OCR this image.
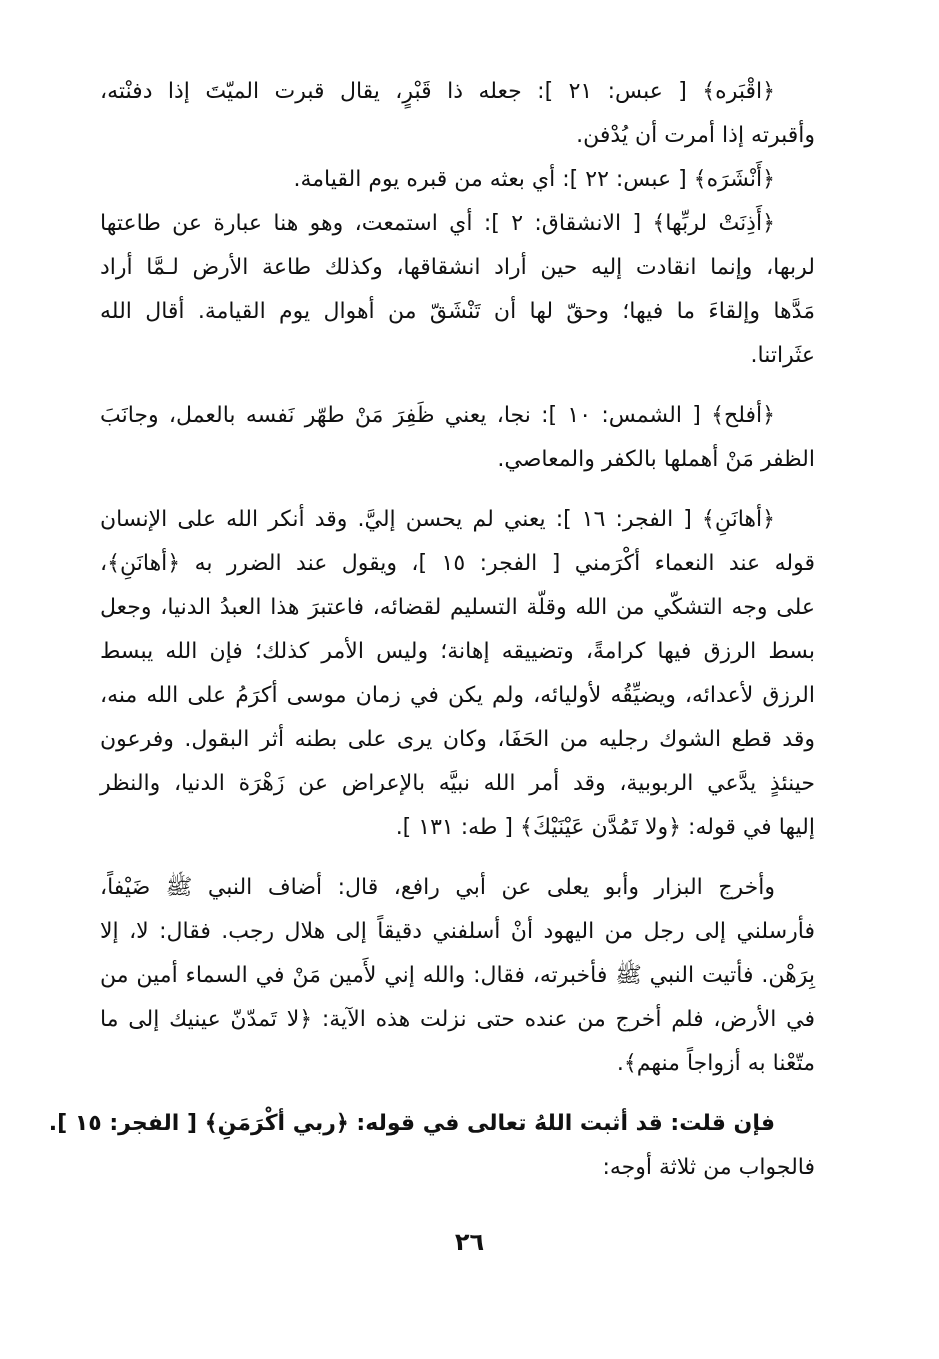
﴿اقْبَره﴾ [ عبس: ٢١ ]: جعله ذا قَبْرٍ، يقال قبرت الميّتَ إذا دفنْته،
وأقبرته إذا أمرت أن يُدْفن.
﴿أَنْشَرَه﴾ [ عبس: ٢٢ ]: أي بعثه من قبره يوم القيامة.
﴿أَذِنَتْ لربِّها﴾ [ الانشقاق: ٢ ]: أي استمعت، وهو هنا عبارة عن طاعتها
لربها، وإنما انقادت إليه حين أراد انشقاقها، وكذلك طاعة الأرض لـمَّا أراد
مَدَّها وإلقاءَ ما فيها؛ وحقّ لها أن تَنْشَقّ من أهوال يوم القيامة. أقال الله
عثَراتنا.
﴿أفلح﴾ [ الشمس: ١٠ ]: نجا، يعني ظَفِرَ مَنْ طهّر نَفسه بالعمل، وجانَبَ
الظفر مَنْ أهملها بالكفر والمعاصي.
﴿أهانَنِ﴾ [ الفجر: ١٦ ]: يعني لم يحسن إليَّ. وقد أنكر الله على الإنسان
قوله عند النعماء أكْرَمني [ الفجر: ١٥ ]، ويقول عند الضرر به ﴿أهانَنِ﴾،
على وجه التشكّي من الله وقلّة التسليم لقضائه، فاعتبرَ هذا العبدُ الدنيا، وجعل
بسط الرزق فيها كرامةً، وتضييقه إهانة؛ وليس الأمر كذلك؛ فإن الله يبسط
الرزق لأعدائه، ويضيِّقُه لأوليائه، ولم يكن في زمان موسى أكرَمُ على الله منه،
وقد قطع الشوك رجليه من الحَفَا، وكان يرى على بطنه أثر البقول. وفرعون
حينئذٍ يدَّعي الربوبية، وقد أمر الله نبيَّه بالإعراض عن زَهْرَة الدنيا، والنظر
إليها في قوله: ﴿ولا تَمُدَّن عَيْنَيْكَ﴾ [ طه: ١٣١ ].
وأخرج البزار وأبو يعلى عن أبي رافع، قال: أضاف النبي ﷺ ضَيْفاً،
فأرسلني إلى رجل من اليهود أنْ أسلفني دقيقاً إلى هلال رجب. فقال: لا، إلا
بِرَهْن. فأتيت النبي ﷺ فأخبرته، فقال: والله إني لأَمين مَنْ في السماء أمين من
في الأرض، فلم أخرج من عنده حتى نزلت هذه الآية: ﴿لا تَمدّنّ عينيك إلى ما
متّعْنا به أزواجاً منهم﴾.
فإن قلت: قد أثبت اللهُ تعالى في قوله: ﴿ربي أكْرَمَنِ﴾ [ الفجر: ١٥ ].
فالجواب من ثلاثة أوجه:
٢٦
